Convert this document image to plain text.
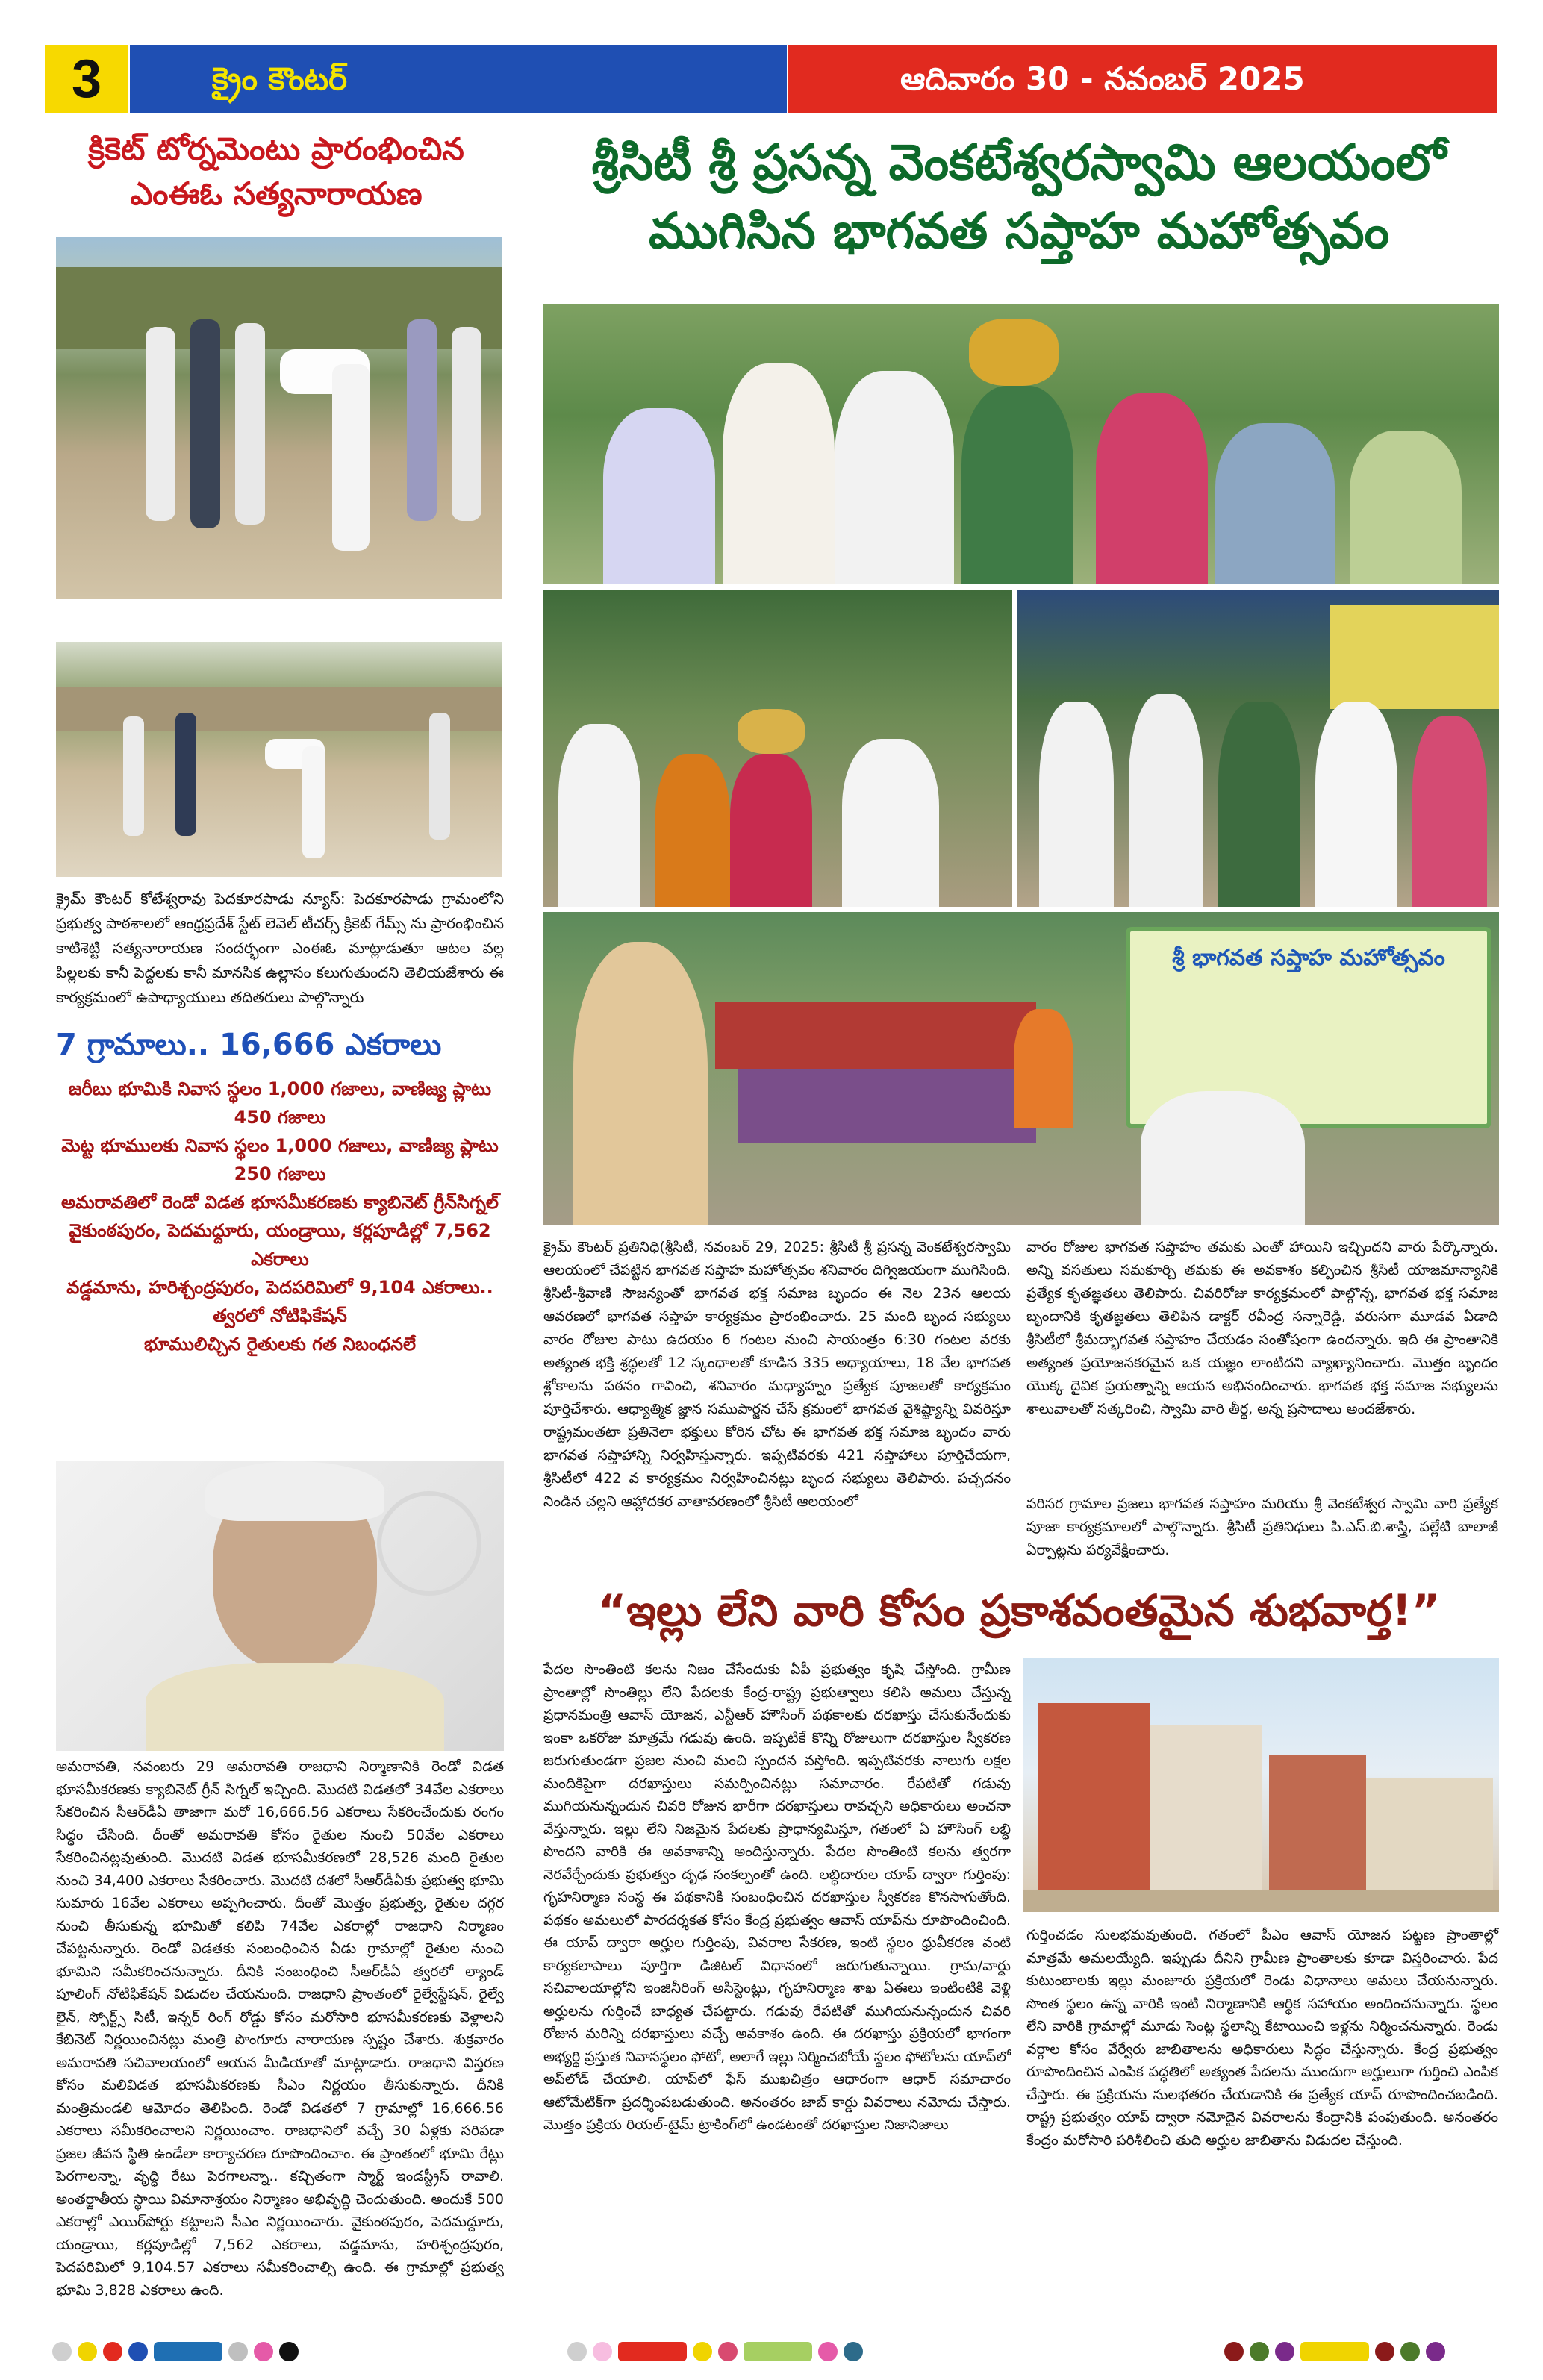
3	క్రైం కౌంటర్	ఆదివారం 30 - నవంబర్ 2025
క్రికెట్ టోర్నమెంటు ప్రారంభించిన
ఎంఈఓ సత్యనారాయణ
క్రైమ్ కౌంటర్ కోటేశ్వరావు పెదకూరపాడు న్యూస్: పెదకూరపాడు గ్రామంలోని ప్రభుత్వ పాఠశాలలో ఆంధ్రప్రదేశ్ స్టేట్ లెవెల్ టీచర్స్ క్రికెట్ గేమ్స్ ను ప్రారంభించిన కాటిశెట్టి సత్యనారాయణ సందర్భంగా ఎంఈఓ మాట్లాడుతూ ఆటల వల్ల పిల్లలకు కానీ పెద్దలకు కానీ మానసిక ఉల్లాసం కలుగుతుందని తెలియజేశారు ఈ కార్యక్రమంలో ఉపాధ్యాయులు తదితరులు పాల్గొన్నారు
7 గ్రామాలు.. 16,666 ఎకరాలు
జరీబు భూమికి నివాస స్థలం 1,000 గజాలు, వాణిజ్య ప్లాటు 450 గజాలు
మెట్ట భూములకు నివాస స్థలం 1,000 గజాలు, వాణిజ్య ప్లాటు 250 గజాలు
అమరావతిలో రెండో విడత భూసమీకరణకు క్యాబినెట్ గ్రీన్‌సిగ్నల్
వైకుంఠపురం, పెదమద్దూరు, యండ్రాయి, కర్లపూడిల్లో 7,562 ఎకరాలు
వడ్డమాను, హరిశ్చంద్రపురం, పెదపరిమిలో 9,104 ఎకరాలు.. త్వరలో నోటిఫికేషన్
భూములిచ్చిన రైతులకు గత నిబంధనలే
అమరావతి, నవంబరు 29 అమరావతి రాజధాని నిర్మాణానికి రెండో విడత భూసమీకరణకు క్యాబినెట్ గ్రీన్ సిగ్నల్ ఇచ్చింది. మొదటి విడతలో 34వేల ఎకరాలు సేకరించిన సీఆర్‌డీఏ తాజాగా మరో 16,666.56 ఎకరాలు సేకరించేందుకు రంగం సిద్ధం చేసింది. దీంతో అమరావతి కోసం రైతుల నుంచి 50వేల ఎకరాలు సేకరించినట్లవుతుంది. మొదటి విడత భూసమీకరణలో 28,526 మంది రైతుల నుంచి 34,400 ఎకరాలు సేకరించారు. మొదటి దశలో సీఆర్‌డీఏకు ప్రభుత్వ భూమి సుమారు 16వేల ఎకరాలు అప్పగించారు. దీంతో మొత్తం ప్రభుత్వ, రైతుల దగ్గర నుంచి తీసుకున్న భూమితో కలిపి 74వేల ఎకరాల్లో రాజధాని నిర్మాణం చేపట్టనున్నారు. రెండో విడతకు సంబంధించిన ఏడు గ్రామాల్లో రైతుల నుంచి భూమిని సమీకరించనున్నారు. దీనికి సంబంధించి సీఆర్‌డీఏ త్వరలో ల్యాండ్ పూలింగ్ నోటిఫికేషన్ విడుదల చేయనుంది. రాజధాని ప్రాంతంలో రైల్వేస్టేషన్, రైల్వే లైన్, స్పోర్ట్స్ సిటీ, ఇన్నర్ రింగ్ రోడ్డు కోసం మరోసారి భూసమీకరణకు వెళ్లాలని కేబినెట్ నిర్ణయించినట్లు మంత్రి పొంగూరు నారాయణ స్పష్టం చేశారు. శుక్రవారం అమరావతి సచివాలయంలో ఆయన మీడియాతో మాట్లాడారు. రాజధాని విస్తరణ కోసం మలివిడత భూసమీకరణకు సీఎం నిర్ణయం తీసుకున్నారు. దీనికి మంత్రిమండలి ఆమోదం తెలిపింది. రెండో విడతలో 7 గ్రామాల్లో 16,666.56 ఎకరాలు సమీకరించాలని నిర్ణయించాం. రాజధానిలో వచ్చే 30 ఏళ్లకు సరిపడా ప్రజల జీవన స్థితి ఉండేలా కార్యాచరణ రూపొందించాం. ఈ ప్రాంతంలో భూమి రేట్లు పెరగాలన్నా, వృద్ధి రేటు పెరగాలన్నా.. కచ్చితంగా స్మార్ట్ ఇండస్ట్రీస్ రావాలి. అంతర్జాతీయ స్థాయి విమానాశ్రయం నిర్మాణం అభివృద్ధి చెందుతుంది. అందుకే 500 ఎకరాల్లో ఎయిర్‌పోర్టు కట్టాలని సీఎం నిర్ణయించారు. వైకుంఠపురం, పెదమద్దూరు, యండ్రాయి, కర్లపూడిల్లో 7,562 ఎకరాలు, వడ్డమాను, హరిశ్చంద్రపురం, పెదపరిమిలో 9,104.57 ఎకరాలు సమీకరించాల్సి ఉంది. ఈ గ్రామాల్లో ప్రభుత్వ భూమి 3,828 ఎకరాలు ఉంది.
శ్రీసిటీ శ్రీ ప్రసన్న వెంకటేశ్వరస్వామి ఆలయంలో
ముగిసిన భాగవత సప్తాహ మహోత్సవం
శ్రీ భాగవత సప్తాహ మహోత్సవం
క్రైమ్ కౌంటర్ ప్రతినిధి(శ్రీసిటీ, నవంబర్ 29, 2025: శ్రీసిటీ శ్రీ ప్రసన్న వెంకటేశ్వరస్వామి ఆలయంలో చేపట్టిన భాగవత సప్తాహ మహోత్సవం శనివారం దిగ్విజయంగా ముగిసింది. శ్రీసిటీ-శ్రీవాణి సౌజన్యంతో భాగవత భక్త సమాజ బృందం ఈ నెల 23న ఆలయ ఆవరణలో భాగవత సప్తాహ కార్యక్రమం ప్రారంభించారు. 25 మంది బృంద సభ్యులు వారం రోజుల పాటు ఉదయం 6 గంటల నుంచి సాయంత్రం 6:30 గంటల వరకు అత్యంత భక్తి శ్రద్ధలతో 12 స్కంధాలతో కూడిన 335 అధ్యాయాలు, 18 వేల భాగవత శ్లోకాలను పఠనం గావించి, శనివారం మధ్యాహ్నం ప్రత్యేక పూజలతో కార్యక్రమం పూర్తిచేశారు. ఆధ్యాత్మిక జ్ఞాన సముపార్జన చేసే క్రమంలో భాగవత వైశిష్ట్యాన్ని వివరిస్తూ రాష్ట్రమంతటా ప్రతినెలా భక్తులు కోరిన చోట ఈ భాగవత భక్త సమాజ బృందం వారు భాగవత సప్తాహాన్ని నిర్వహిస్తున్నారు. ఇప్పటివరకు 421 సప్తాహాలు పూర్తిచేయగా, శ్రీసిటీలో 422 వ కార్యక్రమం నిర్వహించినట్లు బృంద సభ్యులు తెలిపారు. పచ్చదనం నిండిన చల్లని ఆహ్లాదకర వాతావరణంలో శ్రీసిటీ ఆలయంలో
వారం రోజుల భాగవత సప్తాహం తమకు ఎంతో హాయిని ఇచ్చిందని వారు పేర్కొన్నారు. అన్ని వసతులు సమకూర్చి తమకు ఈ అవకాశం కల్పించిన శ్రీసిటీ యాజమాన్యానికి ప్రత్యేక కృతజ్ఞతలు తెలిపారు. చివరిరోజు కార్యక్రమంలో పాల్గొన్న, భాగవత భక్త సమాజ బృందానికి కృతజ్ఞతలు తెలిపిన డాక్టర్ రవీంద్ర సన్నారెడ్డి, వరుసగా మూడవ ఏడాది శ్రీసిటీలో శ్రీమద్భాగవత సప్తాహం చేయడం సంతోషంగా ఉందన్నారు. ఇది ఈ ప్రాంతానికి అత్యంత ప్రయోజనకరమైన ఒక యజ్ఞం లాంటిదని వ్యాఖ్యానించారు. మొత్తం బృందం యొక్క దైవిక ప్రయత్నాన్ని ఆయన అభినందించారు. భాగవత భక్త సమాజ సభ్యులను శాలువాలతో సత్కరించి, స్వామి వారి తీర్థ, అన్న ప్రసాదాలు అందజేశారు.
పరిసర గ్రామాల ప్రజలు భాగవత సప్తాహం మరియు శ్రీ వెంకటేశ్వర స్వామి వారి ప్రత్యేక పూజా కార్యక్రమాలలో పాల్గొన్నారు. శ్రీసిటీ ప్రతినిధులు పి.ఎస్.బి.శాస్త్రి, పల్లేటి బాలాజీ ఏర్పాట్లను పర్యవేక్షించారు.
“ఇల్లు లేని వారి కోసం ప్రకాశవంతమైన శుభవార్త!”
పేదల సొంతింటి కలను నిజం చేసేందుకు ఏపీ ప్రభుత్వం కృషి చేస్తోంది. గ్రామీణ ప్రాంతాల్లో సొంతిల్లు లేని పేదలకు కేంద్ర-రాష్ట్ర ప్రభుత్వాలు కలిసి అమలు చేస్తున్న ప్రధానమంత్రి ఆవాస్ యోజన, ఎన్టీఆర్ హౌసింగ్ పథకాలకు దరఖాస్తు చేసుకునేందుకు ఇంకా ఒకరోజు మాత్రమే గడువు ఉంది. ఇప్పటికే కొన్ని రోజులుగా దరఖాస్తుల స్వీకరణ జరుగుతుండగా ప్రజల నుంచి మంచి స్పందన వస్తోంది. ఇప్పటివరకు నాలుగు లక్షల మందికిపైగా దరఖాస్తులు సమర్పించినట్లు సమాచారం. రేపటితో గడువు ముగియనున్నందున చివరి రోజున భారీగా దరఖాస్తులు రావచ్చని అధికారులు అంచనా వేస్తున్నారు. ఇల్లు లేని నిజమైన పేదలకు ప్రాధాన్యమిస్తూ, గతంలో ఏ హౌసింగ్ లబ్ధి పొందని వారికి ఈ అవకాశాన్ని అందిస్తున్నారు. పేదల సొంతింటి కలను త్వరగా నెరవేర్చేందుకు ప్రభుత్వం దృఢ సంకల్పంతో ఉంది. లబ్ధిదారుల యాప్ ద్వారా గుర్తింపు: గృహనిర్మాణ సంస్థ ఈ పథకానికి సంబంధించిన దరఖాస్తుల స్వీకరణ కొనసాగుతోంది. పథకం అమలులో పారదర్శకత కోసం కేంద్ర ప్రభుత్వం ఆవాస్ యాప్‌ను రూపొందించింది. ఈ యాప్ ద్వారా అర్హుల గుర్తింపు, వివరాల సేకరణ, ఇంటి స్థలం ధ్రువీకరణ వంటి కార్యకలాపాలు పూర్తిగా డిజిటల్ విధానంలో జరుగుతున్నాయి. గ్రామ/వార్డు సచివాలయాల్లోని ఇంజినీరింగ్ అసిస్టెంట్లు, గృహనిర్మాణ శాఖ ఏఈలు ఇంటింటికి వెళ్లి అర్హులను గుర్తించే బాధ్యత చేపట్టారు. గడువు రేపటితో ముగియనున్నందున చివరి రోజున మరిన్ని దరఖాస్తులు వచ్చే అవకాశం ఉంది. ఈ దరఖాస్తు ప్రక్రియలో భాగంగా అభ్యర్థి ప్రస్తుత నివాసస్థలం ఫోటో, అలాగే ఇల్లు నిర్మించబోయే స్థలం ఫోటోలను యాప్‌లో అప్‌లోడ్ చేయాలి. యాప్‌లో ఫేస్ ముఖచిత్రం ఆధారంగా ఆధార్ సమాచారం ఆటోమేటిక్‌గా ప్రదర్శింపబడుతుంది. అనంతరం జాబ్ కార్డు వివరాలు నమోదు చేస్తారు. మొత్తం ప్రక్రియ రియల్-టైమ్ ట్రాకింగ్‌లో ఉండటంతో దరఖాస్తుల నిజానిజాలు
గుర్తించడం సులభమవుతుంది. గతంలో పీఎం ఆవాస్ యోజన పట్టణ ప్రాంతాల్లో మాత్రమే అమలయ్యేది. ఇప్పుడు దీనిని గ్రామీణ ప్రాంతాలకు కూడా విస్తరించారు. పేద కుటుంబాలకు ఇల్లు మంజూరు ప్రక్రియలో రెండు విధానాలు అమలు చేయనున్నారు. సొంత స్థలం ఉన్న వారికి ఇంటి నిర్మాణానికి ఆర్థిక సహాయం అందించనున్నారు. స్థలం లేని వారికి గ్రామాల్లో మూడు సెంట్ల స్థలాన్ని కేటాయించి ఇళ్లను నిర్మించనున్నారు. రెండు వర్గాల కోసం వేర్వేరు జాబితాలను అధికారులు సిద్ధం చేస్తున్నారు. కేంద్ర ప్రభుత్వం రూపొందించిన ఎంపిక పద్ధతిలో అత్యంత పేదలను ముందుగా అర్హులుగా గుర్తించి ఎంపిక చేస్తారు. ఈ ప్రక్రియను సులభతరం చేయడానికి ఈ ప్రత్యేక యాప్ రూపొందించబడింది. రాష్ట్ర ప్రభుత్వం యాప్ ద్వారా నమోదైన వివరాలను కేంద్రానికి పంపుతుంది. అనంతరం కేంద్రం మరోసారి పరిశీలించి తుది అర్హుల జాబితాను విడుదల చేస్తుంది.
